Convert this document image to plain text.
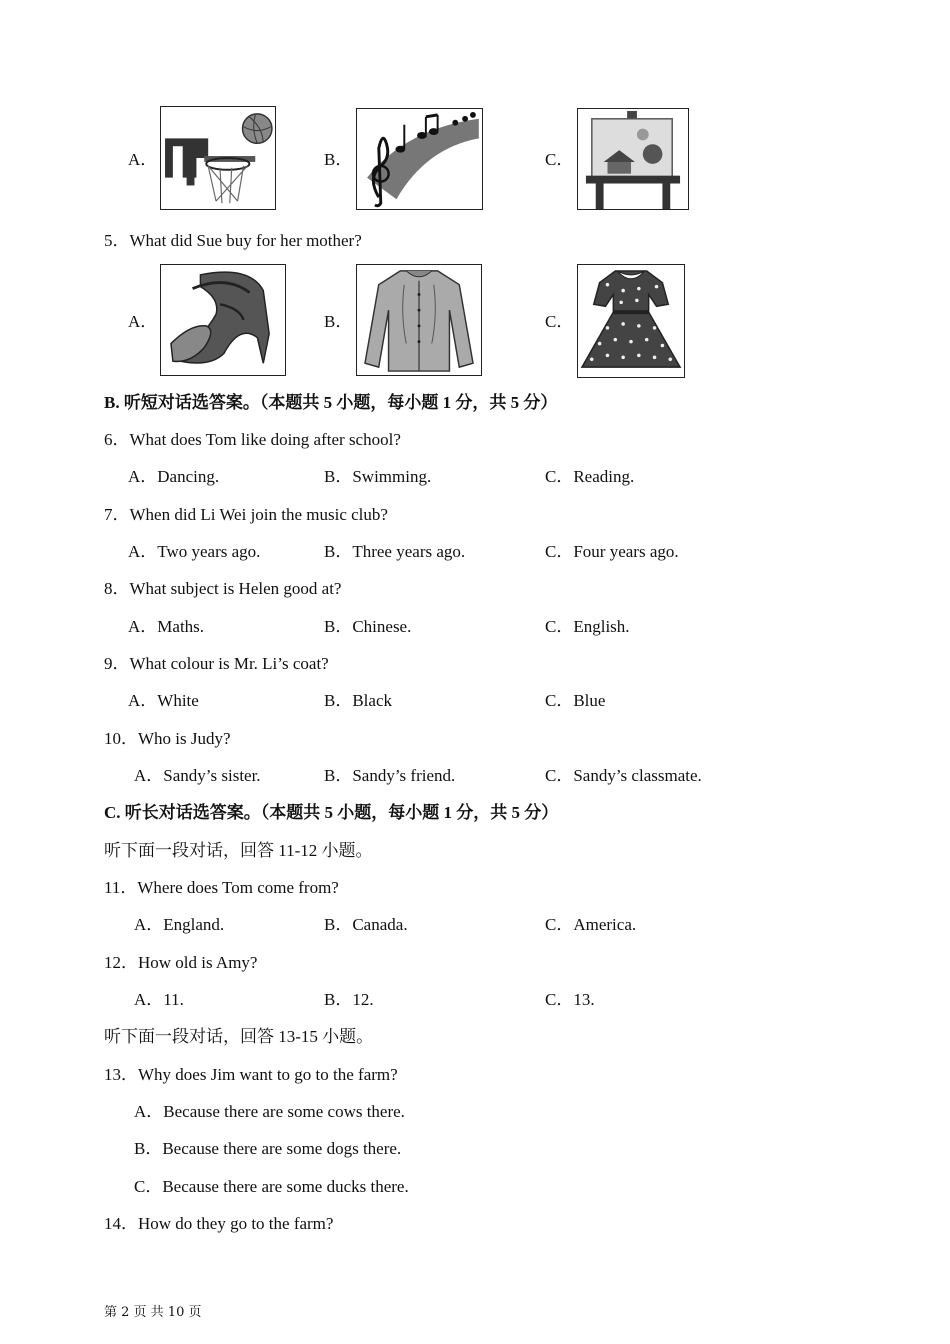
A．	B．	C．
5．What did Sue buy for her mother?
A．	B．	C．
B. 听短对话选答案。（本题共 5 小题，每小题 1 分，共 5 分）
6．What does Tom like doing after school?
A．Dancing.	B．Swimming.	C．Reading.
7．When did Li Wei join the music club?
A．Two years ago.	B．Three years ago.	C．Four years ago.
8．What subject is Helen good at?
A．Maths.	B．Chinese.	C．English.
9．What colour is Mr. Li’s coat?
A．White	B．Black	C．Blue
10．Who is Judy?
A．Sandy’s sister.	B．Sandy’s friend.	C．Sandy’s classmate.
C. 听长对话选答案。（本题共 5 小题，每小题 1 分，共 5 分）
听下面一段对话，回答 11-12 小题。
11．Where does Tom come from?
A．England.	B．Canada.	C．America.
12．How old is Amy?
A．11.	B．12.	C．13.
听下面一段对话，回答 13-15 小题。
13．Why does Jim want to go to the farm?
A．Because there are some cows there.
B．Because there are some dogs there.
C．Because there are some ducks there.
14．How do they go to the farm?
第 2 页 共 10 页
